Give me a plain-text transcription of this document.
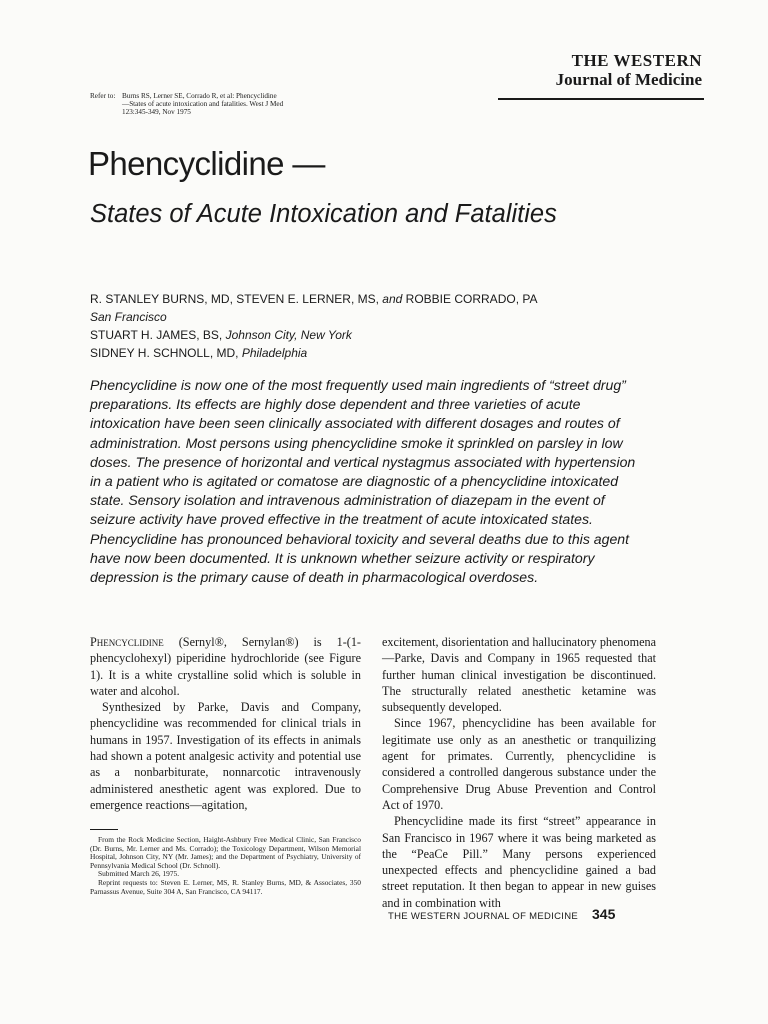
THE WESTERN
Journal of Medicine
Refer to: Burns RS, Lerner SE, Corrado R, et al: Phencyclidine
—States of acute intoxication and fatalities. West J Med
123:345-349, Nov 1975
Phencyclidine —
States of Acute Intoxication and Fatalities
R. STANLEY BURNS, MD, STEVEN E. LERNER, MS, and ROBBIE CORRADO, PA
San Francisco
STUART H. JAMES, BS, Johnson City, New York
SIDNEY H. SCHNOLL, MD, Philadelphia
Phencyclidine is now one of the most frequently used main ingredients of “street drug” preparations. Its effects are highly dose dependent and three varieties of acute intoxication have been seen clinically associated with different dosages and routes of administration. Most persons using phencyclidine smoke it sprinkled on parsley in low doses. The presence of horizontal and vertical nystagmus associated with hypertension in a patient who is agitated or comatose are diagnostic of a phencyclidine intoxicated state. Sensory isolation and intravenous administration of diazepam in the event of seizure activity have proved effective in the treatment of acute intoxicated states. Phencyclidine has pronounced behavioral toxicity and several deaths due to this agent have now been documented. It is unknown whether seizure activity or respiratory depression is the primary cause of death in pharmacological overdoses.

Phencyclidine (Sernyl®, Sernylan®) is 1-(1-phencyclohexyl) piperidine hydrochloride (see Figure 1). It is a white crystalline solid which is soluble in water and alcohol.

Synthesized by Parke, Davis and Company, phencyclidine was recommended for clinical trials in humans in 1957. Investigation of its effects in animals had shown a potent analgesic activity and potential use as a nonbarbiturate, nonnarcotic intravenously administered anesthetic agent was explored. Due to emergence reactions—agitation,

From the Rock Medicine Section, Haight-Ashbury Free Medical Clinic, San Francisco (Dr. Burns, Mr. Lerner and Ms. Corrado); the Toxicology Department, Wilson Memorial Hospital, Johnson City, NY (Mr. James); and the Department of Psychiatry, University of Pennsylvania Medical School (Dr. Schnoll).

Submitted March 26, 1975.

Reprint requests to: Steven E. Lerner, MS, R. Stanley Burns, MD, & Associates, 350 Parnassus Avenue, Suite 304 A, San Francisco, CA 94117.

excitement, disorientation and hallucinatory phenomena—Parke, Davis and Company in 1965 requested that further human clinical investigation be discontinued. The structurally related anesthetic ketamine was subsequently developed.

Since 1967, phencyclidine has been available for legitimate use only as an anesthetic or tranquilizing agent for primates. Currently, phencyclidine is considered a controlled dangerous substance under the Comprehensive Drug Abuse Prevention and Control Act of 1970.

Phencyclidine made its first “street” appearance in San Francisco in 1967 where it was being marketed as the “PeaCe Pill.” Many persons experienced unexpected effects and phencyclidine gained a bad street reputation. It then began to appear in new guises and in combination with

THE WESTERN JOURNAL OF MEDICINE 345
